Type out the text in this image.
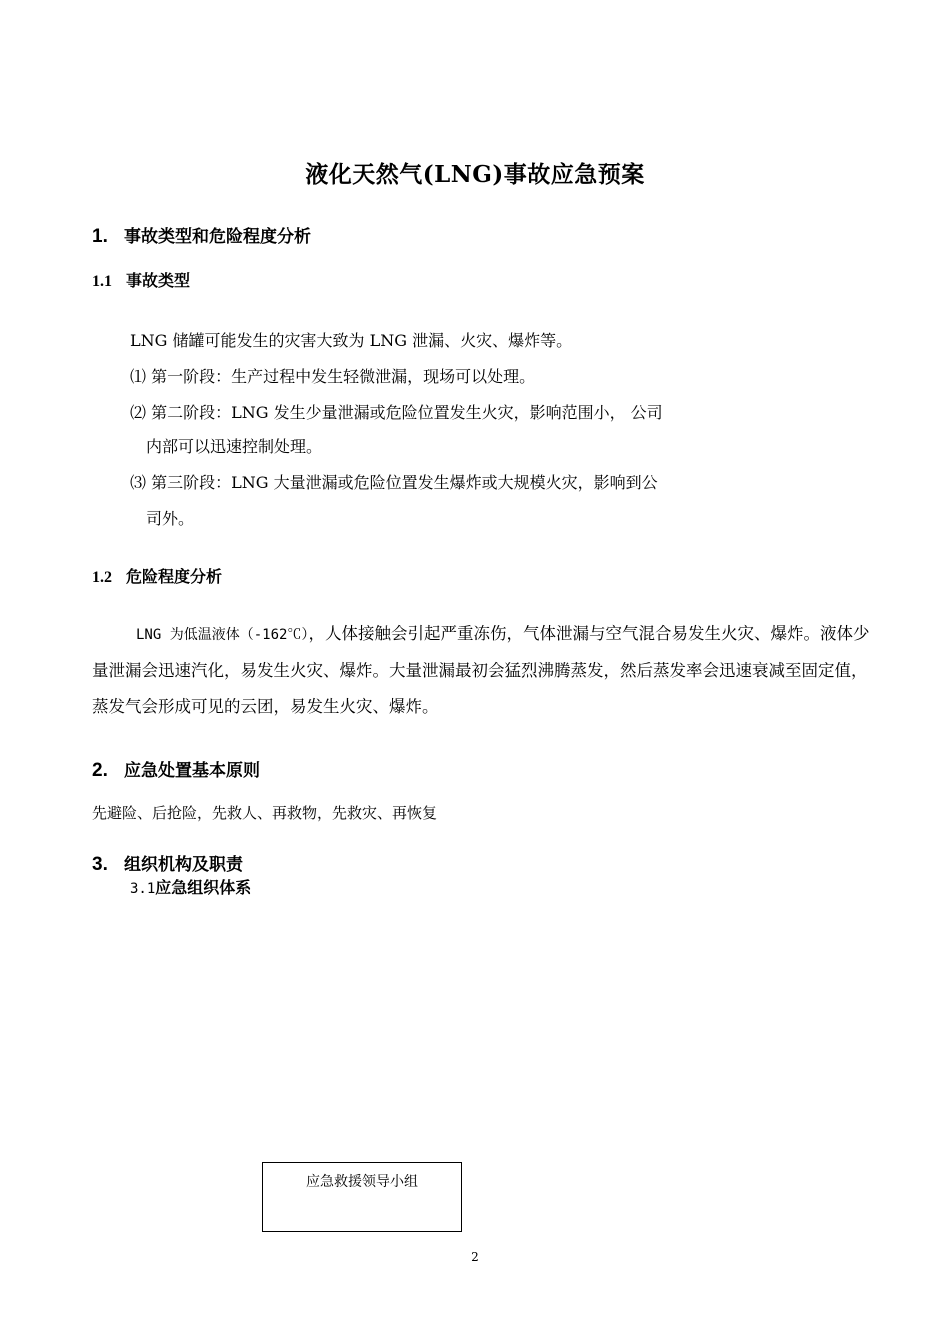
液化天然气(LNG)事故应急预案
1. 事故类型和危险程度分析
1.1 事故类型
LNG 储罐可能发生的灾害大致为 LNG 泄漏、火灾、爆炸等。
⑴ 第一阶段：生产过程中发生轻微泄漏，现场可以处理。
⑵ 第二阶段：LNG 发生少量泄漏或危险位置发生火灾，影响范围小， 公司
内部可以迅速控制处理。
⑶ 第三阶段：LNG 大量泄漏或危险位置发生爆炸或大规模火灾，影响到公
司外。
1.2 危险程度分析
LNG 为低温液体（-162℃），人体接触会引起严重冻伤，气体泄漏与空气混合易发生火灾、爆炸。液体少量泄漏会迅速汽化，易发生火灾、爆炸。大量泄漏最初会猛烈沸腾蒸发，然后蒸发率会迅速衰减至固定值，蒸发气会形成可见的云团，易发生火灾、爆炸。
2. 应急处置基本原则
先避险、后抢险，先救人、再救物，先救灾、再恢复
3. 组织机构及职责
3.1应急组织体系
应急救援领导小组
2
